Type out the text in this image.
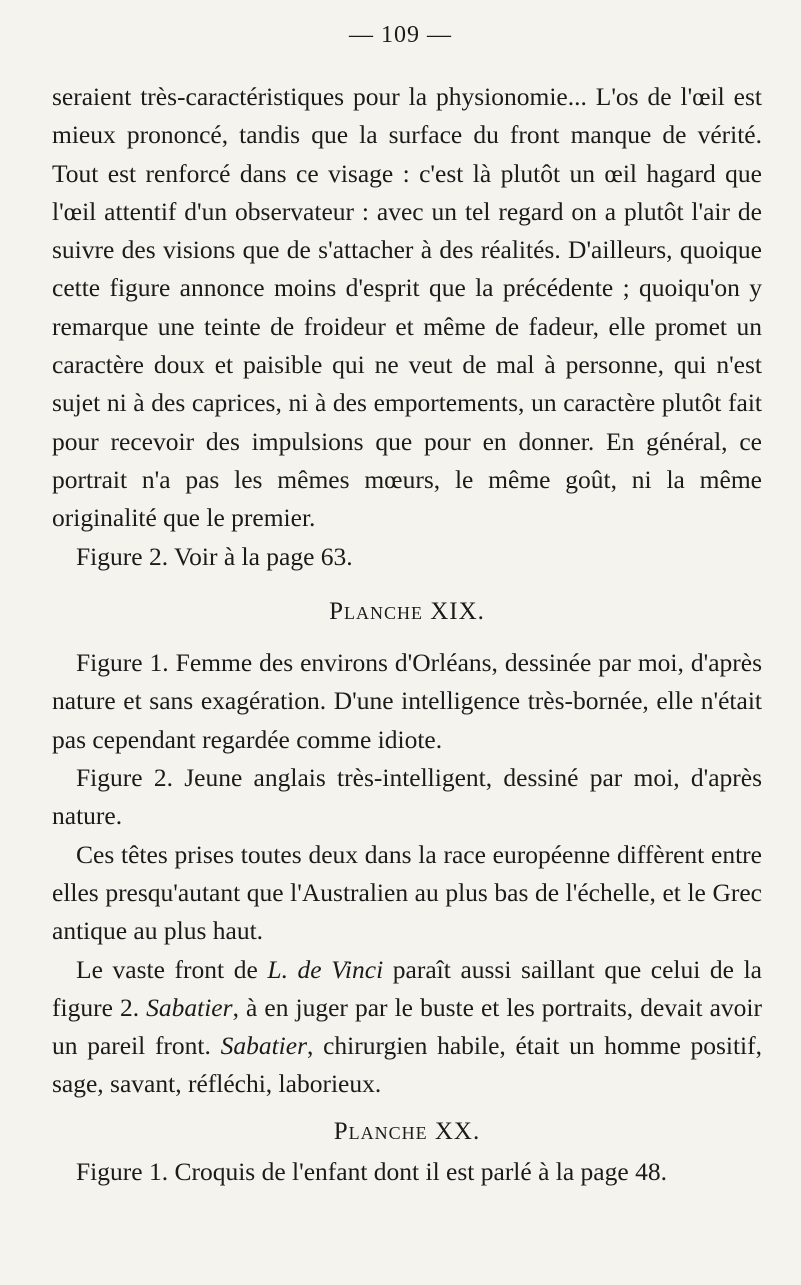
— 109 —

seraient très-caractéristiques pour la physionomie... L'os de l'œil est mieux prononcé, tandis que la surface du front manque de vérité. Tout est renforcé dans ce visage : c'est là plutôt un œil hagard que l'œil attentif d'un observateur : avec un tel regard on a plutôt l'air de suivre des visions que de s'attacher à des réalités. D'ailleurs, quoique cette figure annonce moins d'esprit que la précédente ; quoiqu'on y remarque une teinte de froideur et même de fadeur, elle promet un caractère doux et paisible qui ne veut de mal à personne, qui n'est sujet ni à des caprices, ni à des emportements, un caractère plutôt fait pour recevoir des impulsions que pour en donner. En général, ce portrait n'a pas les mêmes mœurs, le même goût, ni la même originalité que le premier.

Figure 2. Voir à la page 63.

Planche XIX.

Figure 1. Femme des environs d'Orléans, dessinée par moi, d'après nature et sans exagération. D'une intelligence très-bornée, elle n'était pas cependant regardée comme idiote.

Figure 2. Jeune anglais très-intelligent, dessiné par moi, d'après nature.

Ces têtes prises toutes deux dans la race européenne diffèrent entre elles presqu'autant que l'Australien au plus bas de l'échelle, et le Grec antique au plus haut.

Le vaste front de L. de Vinci paraît aussi saillant que celui de la figure 2. Sabatier, à en juger par le buste et les portraits, devait avoir un pareil front. Sabatier, chirurgien habile, était un homme positif, sage, savant, réfléchi, laborieux.

Planche XX.

Figure 1. Croquis de l'enfant dont il est parlé à la page 48.
